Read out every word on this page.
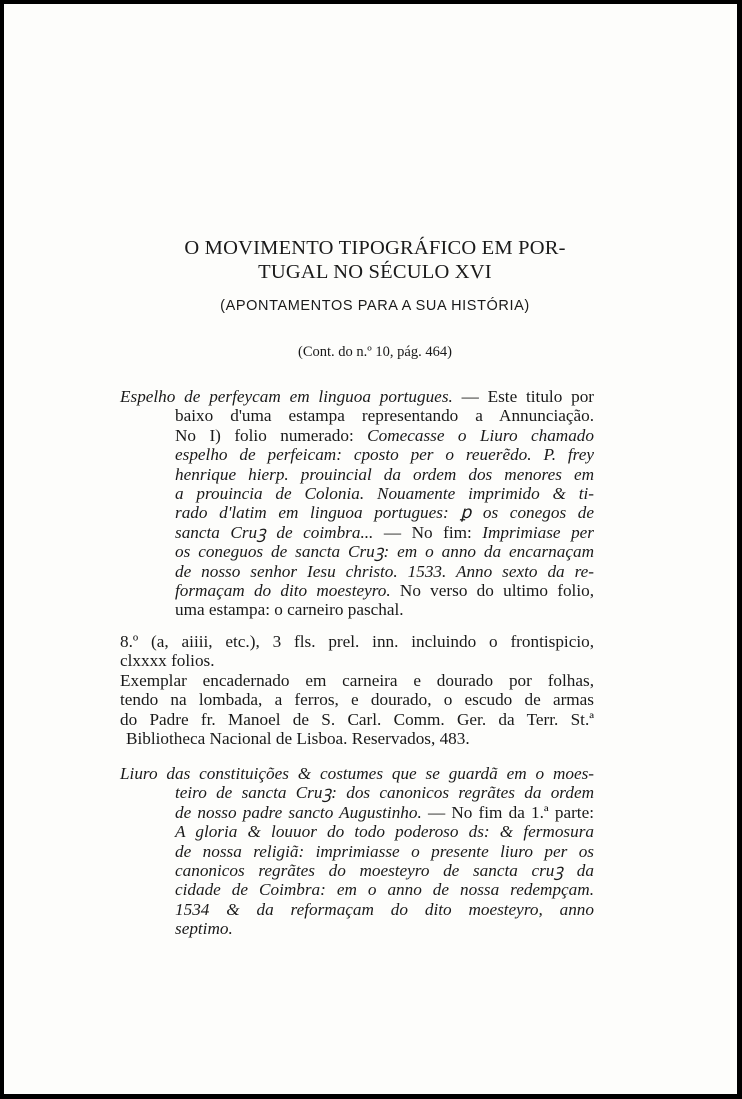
O MOVIMENTO TIPOGRÁFICO EM POR-
TUGAL NO SÉCULO XVI
(APONTAMENTOS PARA A SUA HISTÓRIA)
(Cont. do n.º 10, pág. 464)
Espelho de perfeycam em linguoa portugues. — Este titulo por
baixo d'uma estampa representando a Annunciação.
No I) folio numerado: Comecasse o Liuro chamado
espelho de perfeicam: cposto per o reuerẽdo. P. frey
henrique hierp. prouincial da ordem dos menores em
a prouincia de Colonia. Nouamente imprimido & ti-
rado d'latim em linguoa portugues: ꝑ os conegos de
sancta Cruꝫ de coimbra... — No fim: Imprimiase per
os coneguos de sancta Cruꝫ: em o anno da encarnaçam
de nosso senhor Iesu christo. 1533. Anno sexto da re-
formaçam do dito moesteyro. No verso do ultimo folio,
uma estampa: o carneiro paschal.
8.º (a, aiiii, etc.), 3 fls. prel. inn. incluindo o frontispicio,
clxxxx folios.
Exemplar encadernado em carneira e dourado por folhas,
tendo na lombada, a ferros, e dourado, o escudo de armas
do Padre fr. Manoel de S. Carl. Comm. Ger. da Terr. St.ª
Bibliotheca Nacional de Lisboa. Reservados, 483.
Liuro das constituições & costumes que se guardã em o moes-
teiro de sancta Cruꝫ: dos canonicos regrãtes da ordem
de nosso padre sancto Augustinho. — No fim da 1.ª parte:
A gloria & louuor do todo poderoso ds: & fermosura
de nossa religiã: imprimiasse o presente liuro per os
canonicos regrãtes do moesteyro de sancta cruꝫ da
cidade de Coimbra: em o anno de nossa redempçam.
1534 & da reformaçam do dito moesteyro, anno
septimo.
